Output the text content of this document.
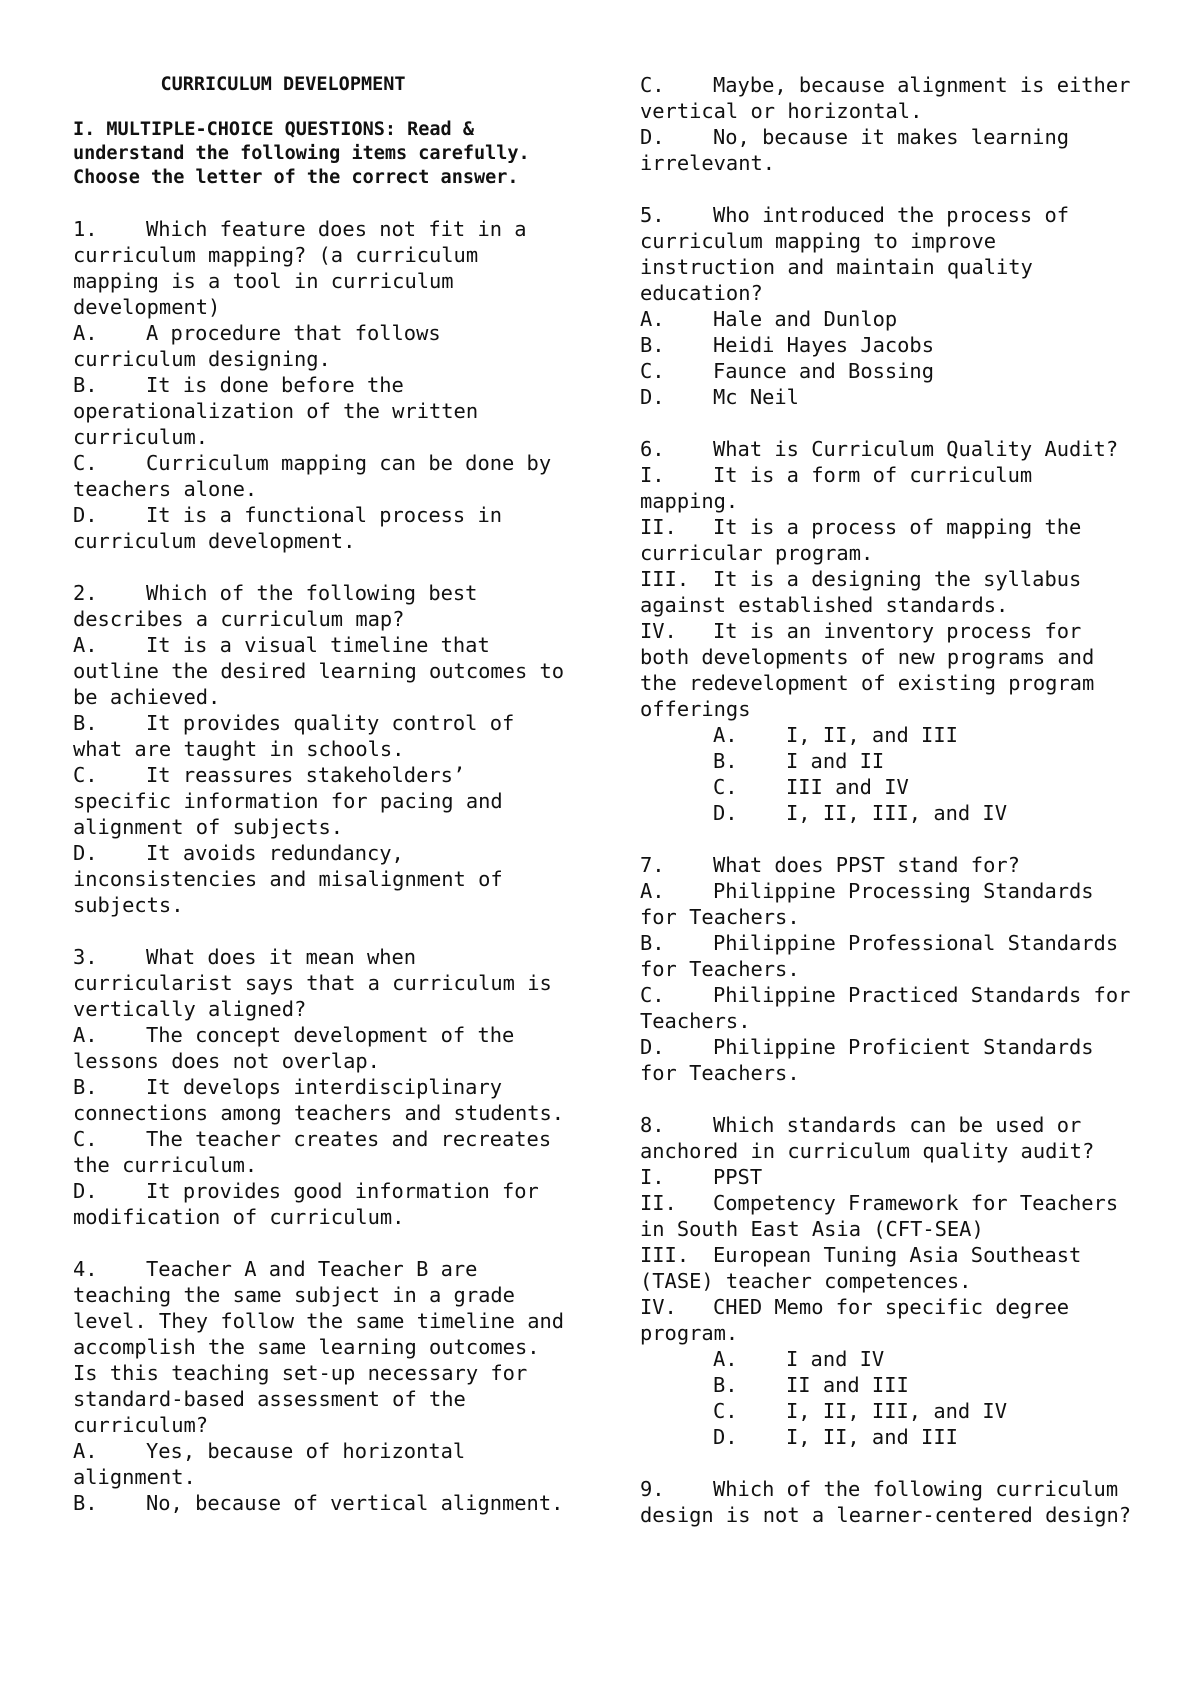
CURRICULUM DEVELOPMENT
I. MULTIPLE-CHOICE QUESTIONS: Read & understand the following items carefully. Choose the letter of the correct answer.
1. Which feature does not fit in a curriculum mapping? (a curriculum mapping is a tool in curriculum development)
A. A procedure that follows curriculum designing.
B. It is done before the operationalization of the written curriculum.
C. Curriculum mapping can be done by teachers alone.
D. It is a functional process in curriculum development.
2. Which of the following best describes a curriculum map?
A. It is a visual timeline that outline the desired learning outcomes to be achieved.
B. It provides quality control of what are taught in schools.
C. It reassures stakeholders’ specific information for pacing and alignment of subjects.
D. It avoids redundancy, inconsistencies and misalignment of subjects.
3. What does it mean when curricularist says that a curriculum is vertically aligned?
A. The concept development of the lessons does not overlap.
B. It develops interdisciplinary connections among teachers and students.
C. The teacher creates and recreates the curriculum.
D. It provides good information for modification of curriculum.
4. Teacher A and Teacher B are teaching the same subject in a grade level. They follow the same timeline and accomplish the same learning outcomes. Is this teaching set-up necessary for standard-based assessment of the curriculum?
A. Yes, because of horizontal alignment.
B. No, because of vertical alignment.
C. Maybe, because alignment is either vertical or horizontal.
D. No, because it makes learning irrelevant.
5. Who introduced the process of curriculum mapping to improve instruction and maintain quality education?
A. Hale and Dunlop
B. Heidi Hayes Jacobs
C. Faunce and Bossing
D. Mc Neil
6. What is Curriculum Quality Audit?
I. It is a form of curriculum mapping.
II. It is a process of mapping the curricular program.
III. It is a designing the syllabus against established standards.
IV. It is an inventory process for both developments of new programs and the redevelopment of existing program offerings
A. I, II, and III
B. I and II
C. III and IV
D. I, II, III, and IV
7. What does PPST stand for?
A. Philippine Processing Standards for Teachers.
B. Philippine Professional Standards for Teachers.
C. Philippine Practiced Standards for Teachers.
D. Philippine Proficient Standards for Teachers.
8. Which standards can be used or anchored in curriculum quality audit?
I. PPST
II. Competency Framework for Teachers in South East Asia (CFT-SEA)
III. European Tuning Asia Southeast (TASE) teacher competences.
IV. CHED Memo for specific degree program.
A. I and IV
B. II and III
C. I, II, III, and IV
D. I, II, and III
9. Which of the following curriculum design is not a learner-centered design?
